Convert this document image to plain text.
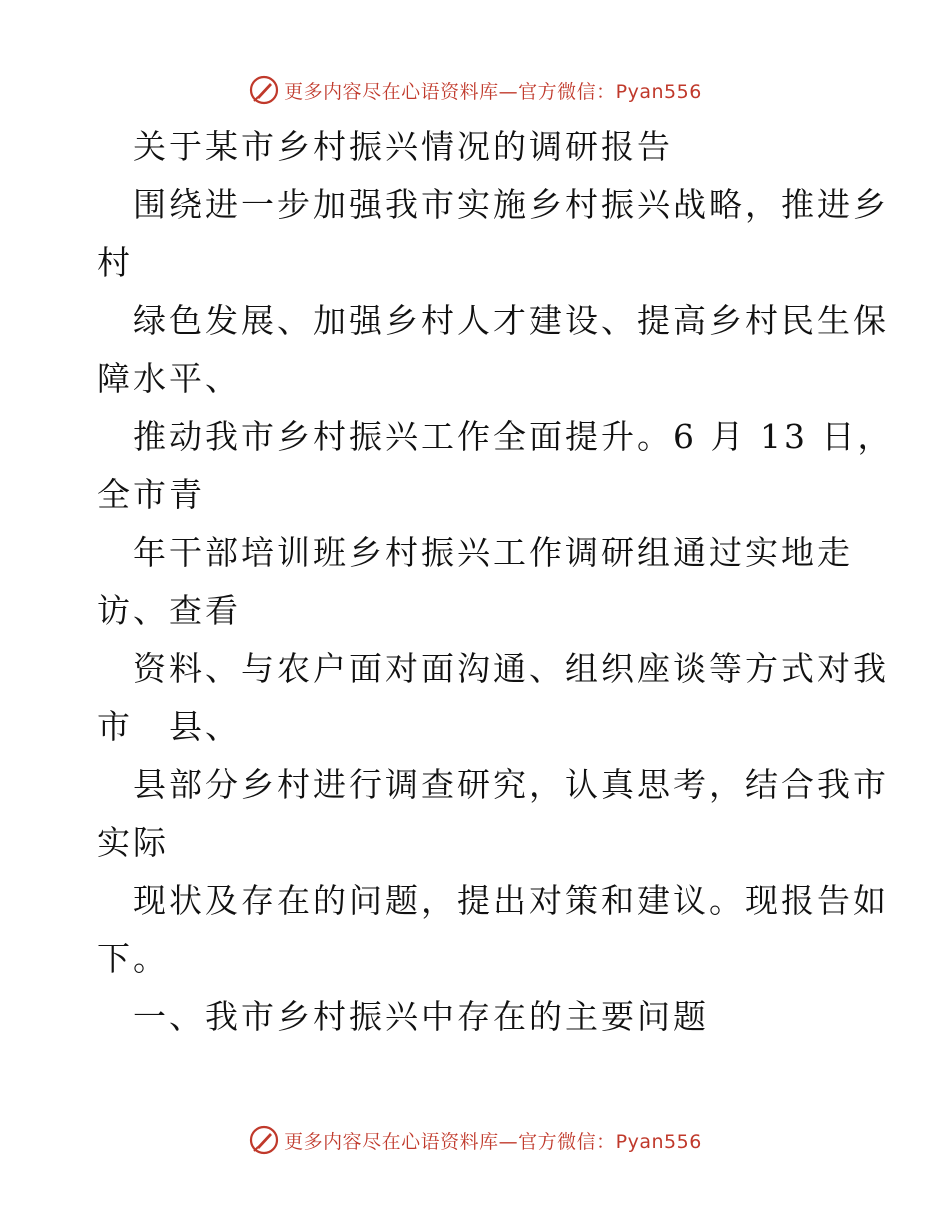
更多内容尽在心语资料库—官方微信：Pyan556
　关于某市乡村振兴情况的调研报告
　围绕进一步加强我市实施乡村振兴战略，推进乡
村
　绿色发展、加强乡村人才建设、提高乡村民生保
障水平、
　推动我市乡村振兴工作全面提升。6 月 13 日，
全市青
　年干部培训班乡村振兴工作调研组通过实地走
访、查看
　资料、与农户面对面沟通、组织座谈等方式对我
市　县、
　县部分乡村进行调查研究，认真思考，结合我市
实际
　现状及存在的问题，提出对策和建议。现报告如
下。
　一、我市乡村振兴中存在的主要问题
更多内容尽在心语资料库—官方微信：Pyan556
